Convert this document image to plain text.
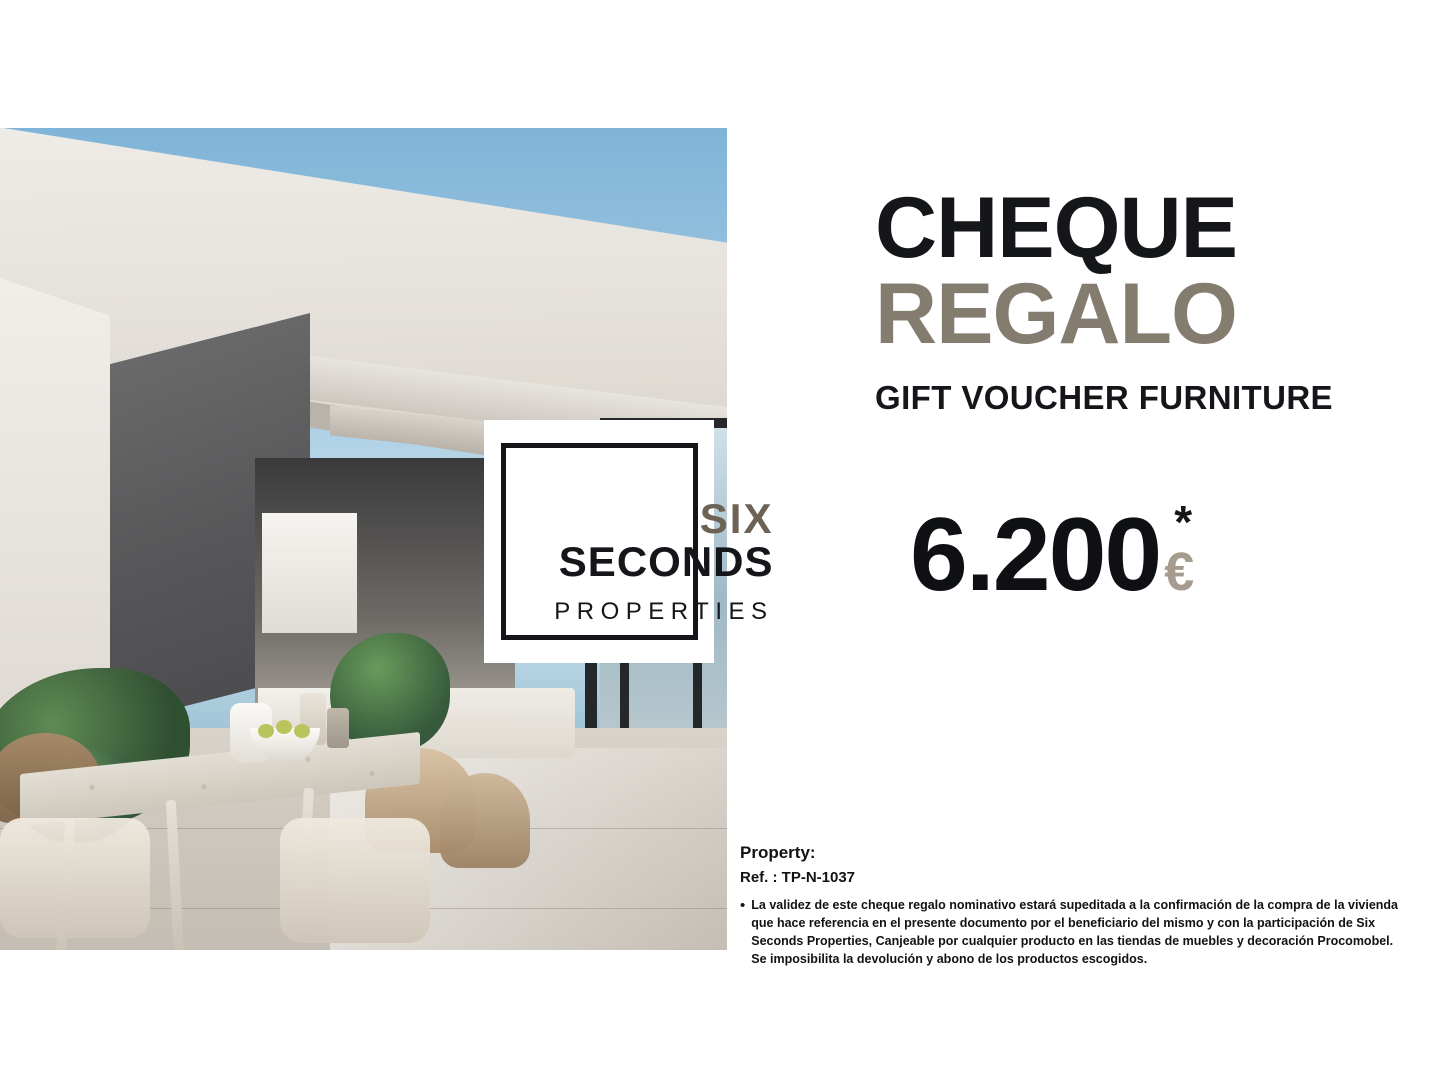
SIX
SECONDS
PROPERTIES
CHEQUE
REGALO
GIFT VOUCHER FURNITURE
6.200 *
€
Property:
Ref. : TP-N-1037
• La validez de este cheque regalo nominativo estará supeditada a la confirmación de la compra de la vivienda que hace referencia en el presente documento por el beneficiario del mismo y con la participación de Six Seconds Properties, Canjeable por cualquier producto en las tiendas de muebles y decoración Procomobel. Se imposibilita la devolución y abono de los productos escogidos.
